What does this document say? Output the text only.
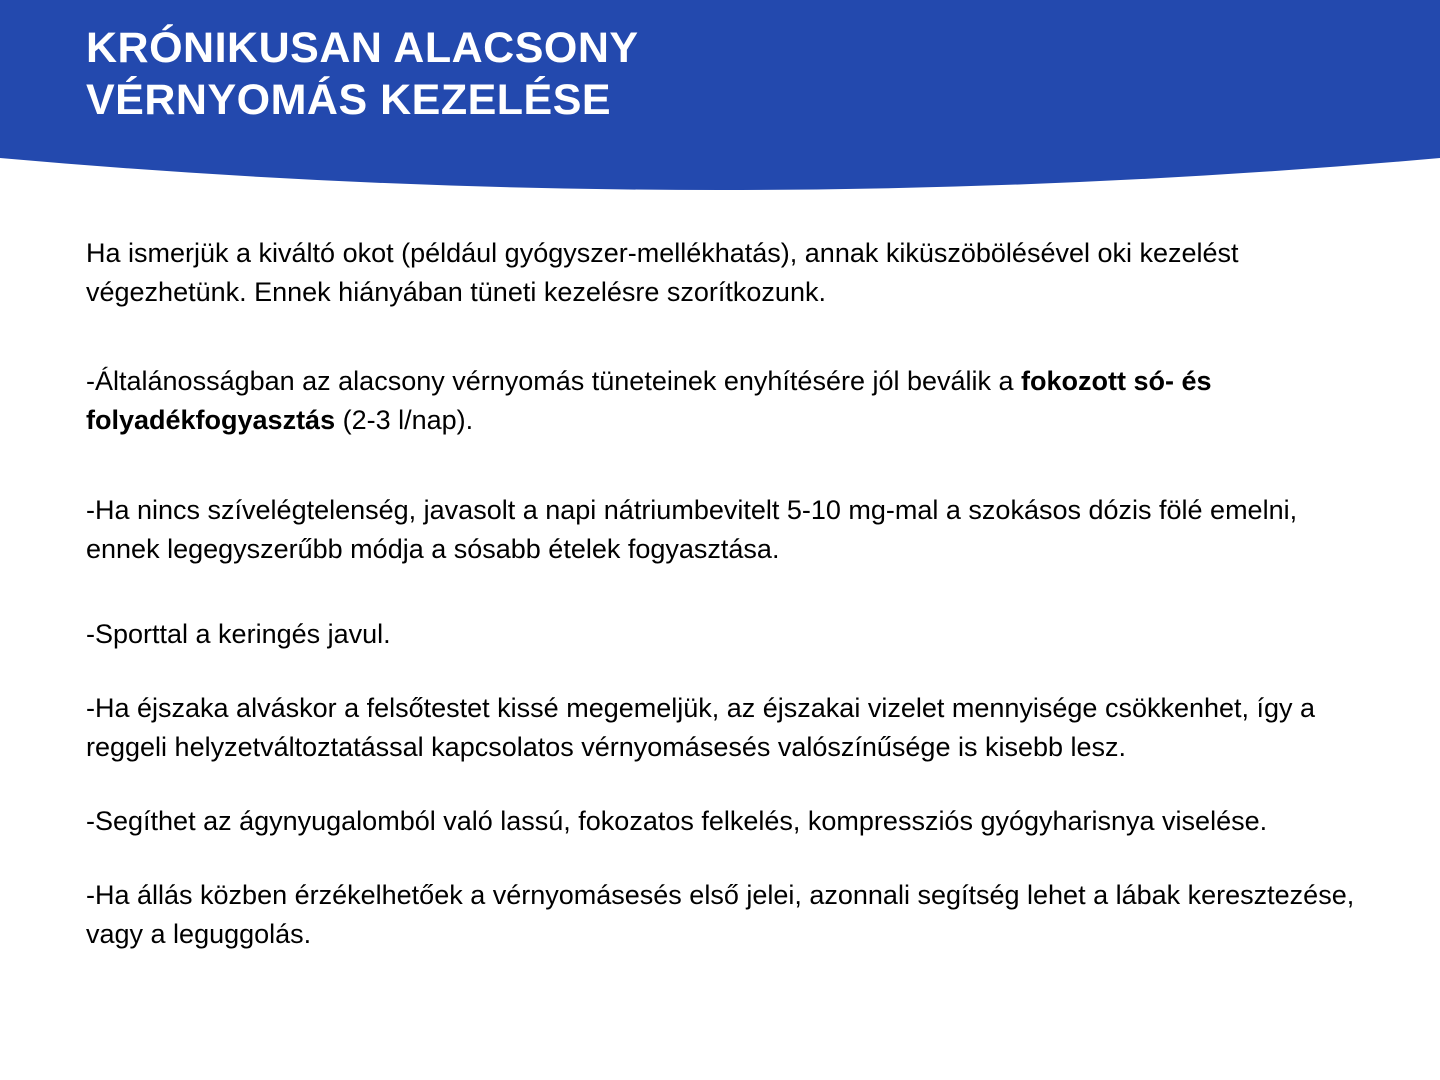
KRÓNIKUSAN ALACSONY
VÉRNYOMÁS KEZELÉSE

Ha ismerjük a kiváltó okot (például gyógyszer-mellékhatás), annak kiküszöbölésével oki kezelést végezhetünk. Ennek hiányában tüneti kezelésre szorítkozunk.

-Általánosságban az alacsony vérnyomás tüneteinek enyhítésére jól beválik a fokozott só- és folyadékfogyasztás (2-3 l/nap).

-Ha nincs szívelégtelenség, javasolt a napi nátriumbevitelt 5-10 mg-mal a szokásos dózis fölé emelni, ennek legegyszerűbb módja a sósabb ételek fogyasztása.

-Sporttal a keringés javul.

-Ha éjszaka alváskor a felsőtestet kissé megemeljük, az éjszakai vizelet mennyisége csökkenhet, így a reggeli helyzetváltoztatással kapcsolatos vérnyomásesés valószínűsége is kisebb lesz.

-Segíthet az ágynyugalomból való lassú, fokozatos felkelés, kompressziós gyógyharisnya viselése.

-Ha állás közben érzékelhetőek a vérnyomásesés első jelei, azonnali segítség lehet a lábak keresztezése, vagy a leguggolás.
